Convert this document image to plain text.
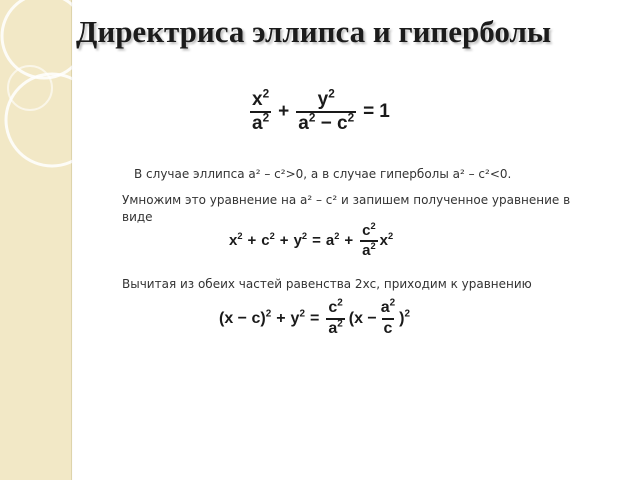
Директриса эллипса и гиперболы
$\frac{x^2}{a^2} + \frac{y^2}{a^2 - c^2} = 1$
В случае эллипса а² – с²>0, а в случае гиперболы а² – с²<0.
Умножим это уравнение на а² – с² и запишем полученное уравнение в виде
$x^2 + c^2 + y^2 = a^2 + \frac{c^2}{a^2} x^2$
Вычитая из обеих частей равенства 2хс, приходим к уравнению
$(x - c)^2 + y^2 = \frac{c^2}{a^2} (x - \frac{a^2}{c} )^2$
